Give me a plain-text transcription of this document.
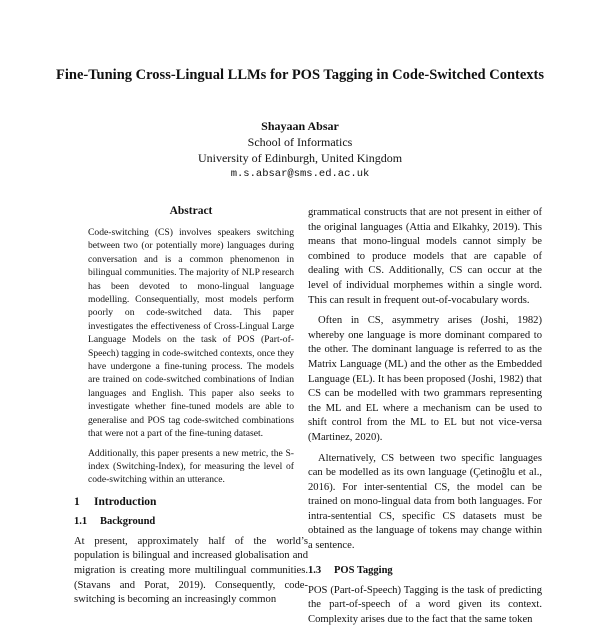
Fine-Tuning Cross-Lingual LLMs for POS Tagging in Code-Switched Contexts
Shayaan Absar
School of Informatics
University of Edinburgh, United Kingdom
m.s.absar@sms.ed.ac.uk
Abstract

Code-switching (CS) involves speakers switching between two (or potentially more) languages during conversation and is a common phenomenon in bilingual communities. The majority of NLP research has been devoted to mono-lingual language modelling. Consequentially, most models perform poorly on code-switched data. This paper investigates the effectiveness of Cross-Lingual Large Language Models on the task of POS (Part-of-Speech) tagging in code-switched contexts, once they have undergone a fine-tuning process. The models are trained on code-switched combinations of Indian languages and English. This paper also seeks to investigate whether fine-tuned models are able to generalise and POS tag code-switched combinations that were not a part of the fine-tuning dataset.

Additionally, this paper presents a new metric, the S-index (Switching-Index), for measuring the level of code-switching within an utterance.

1 Introduction
1.1 Background

At present, approximately half of the world’s population is bilingual and increased globalisation and migration is creating more multilingual communities. (Stavans and Porat, 2019). Consequently, code-switching is becoming an increasingly common

grammatical constructs that are not present in either of the original languages (Attia and Elkahky, 2019). This means that mono-lingual models cannot simply be combined to produce models that are capable of dealing with CS. Additionally, CS can occur at the level of individual morphemes within a single word. This can result in frequent out-of-vocabulary words.

Often in CS, asymmetry arises (Joshi, 1982) whereby one language is more dominant compared to the other. The dominant language is referred to as the Matrix Language (ML) and the other as the Embedded Language (EL). It has been proposed (Joshi, 1982) that CS can be modelled with two grammars representing the ML and EL where a mechanism can be used to shift control from the ML to EL but not vice-versa (Martinez, 2020).

Alternatively, CS between two specific languages can be modelled as its own language (Çetinoğlu et al., 2016). For inter-sentential CS, the model can be trained on mono-lingual data from both languages. For intra-sentential CS, specific CS datasets must be obtained as the language of tokens may change within a sentence.

1.3 POS Tagging

POS (Part-of-Speech) Tagging is the task of predicting the part-of-speech of a word given its context. Complexity arises due to the fact that the same token
